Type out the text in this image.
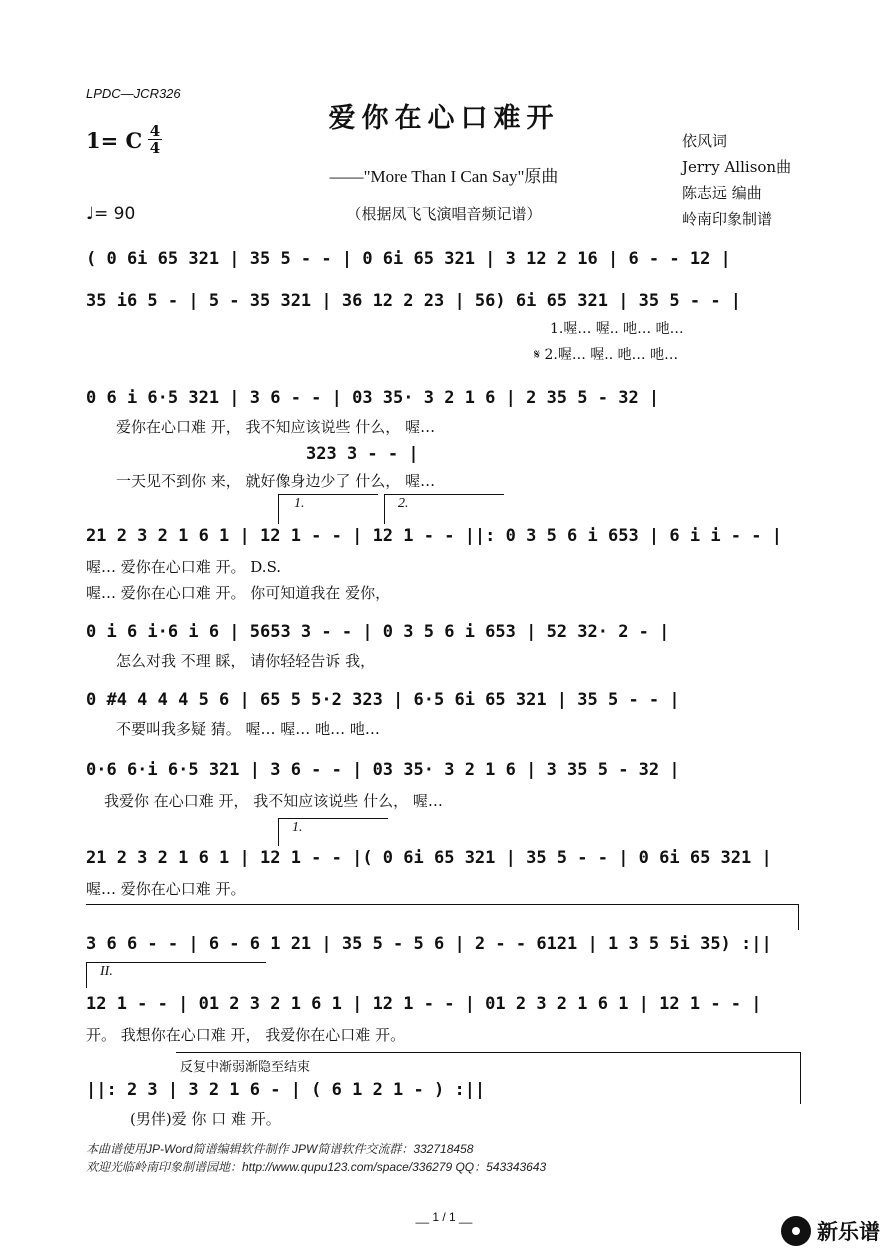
LPDC—JCR326
爱你在心口难开
1= C 4
4
——"More Than I Can Say"原曲
♩= 90	（根据凤飞飞演唱音频记谱）
依风词
Jerry Allison曲
陈志远 编曲
岭南印象制谱
( 0 6i 65 321 | 35 5 - - | 0 6i 65 321 | 3 12 2 16 | 6 - - 12 |
35 i6 5 - | 5 - 35 321 | 36 12 2 23 | 56) 6i 65 321 | 35 5 - - |
1.喔… 喔.. 吔… 吔…
𝄋 2.喔… 喔.. 吔… 吔…
0 6 i 6·5 321 | 3 6 - - | 03 35· 3 2 1 6 | 2 35 5 - 32 |
爱你在心口难 开， 我不知应该说些 什么， 喔…
323 3 - - |
一天见不到你 来， 就好像身边少了 什么， 喔…
1.	2.
21 2 3 2 1 6 1 | 12 1 - - | 12 1 - - ||: 0 3 5 6 i 653 | 6 i i - - |
喔… 爱你在心口难 开。 D.S.
喔… 爱你在心口难 开。 你可知道我在 爱你，
0 i 6 i·6 i 6 | 5653 3 - - | 0 3 5 6 i 653 | 52 32· 2 - |
怎么对我 不理 睬， 请你轻轻告诉 我，
0 #4 4 4 4 5 6 | 65 5 5·2 323 | 6·5 6i 65 321 | 35 5 - - |
不要叫我多疑 猜。 喔… 喔… 吔… 吔…
0·6 6·i 6·5 321 | 3 6 - - | 03 35· 3 2 1 6 | 3 35 5 - 32 |
我爱你 在心口难 开， 我不知应该说些 什么， 喔…
1.
21 2 3 2 1 6 1 | 12 1 - - |( 0 6i 65 321 | 35 5 - - | 0 6i 65 321 |
喔… 爱你在心口难 开。
3 6 6 - - | 6 - 6 1 21 | 35 5 - 5 6 | 2 - - 6121 | 1 3 5 5i 35) :||
II.
12 1 - - | 01 2 3 2 1 6 1 | 12 1 - - | 01 2 3 2 1 6 1 | 12 1 - - |
开。 我想你在心口难 开， 我爱你在心口难 开。
反复中渐弱渐隐至结束
||: 2 3 | 3 2 1 6 - | ( 6 1 2 1 - ) :||
(男伴)爱 你 口 难 开。
本曲谱使用JP-Word简谱编辑软件制作 JPW简谱软件交流群：332718458
欢迎光临岭南印象制谱园地：http://www.qupu123.com/space/336279 QQ：543343643
__ 1 / 1 __
新乐谱
